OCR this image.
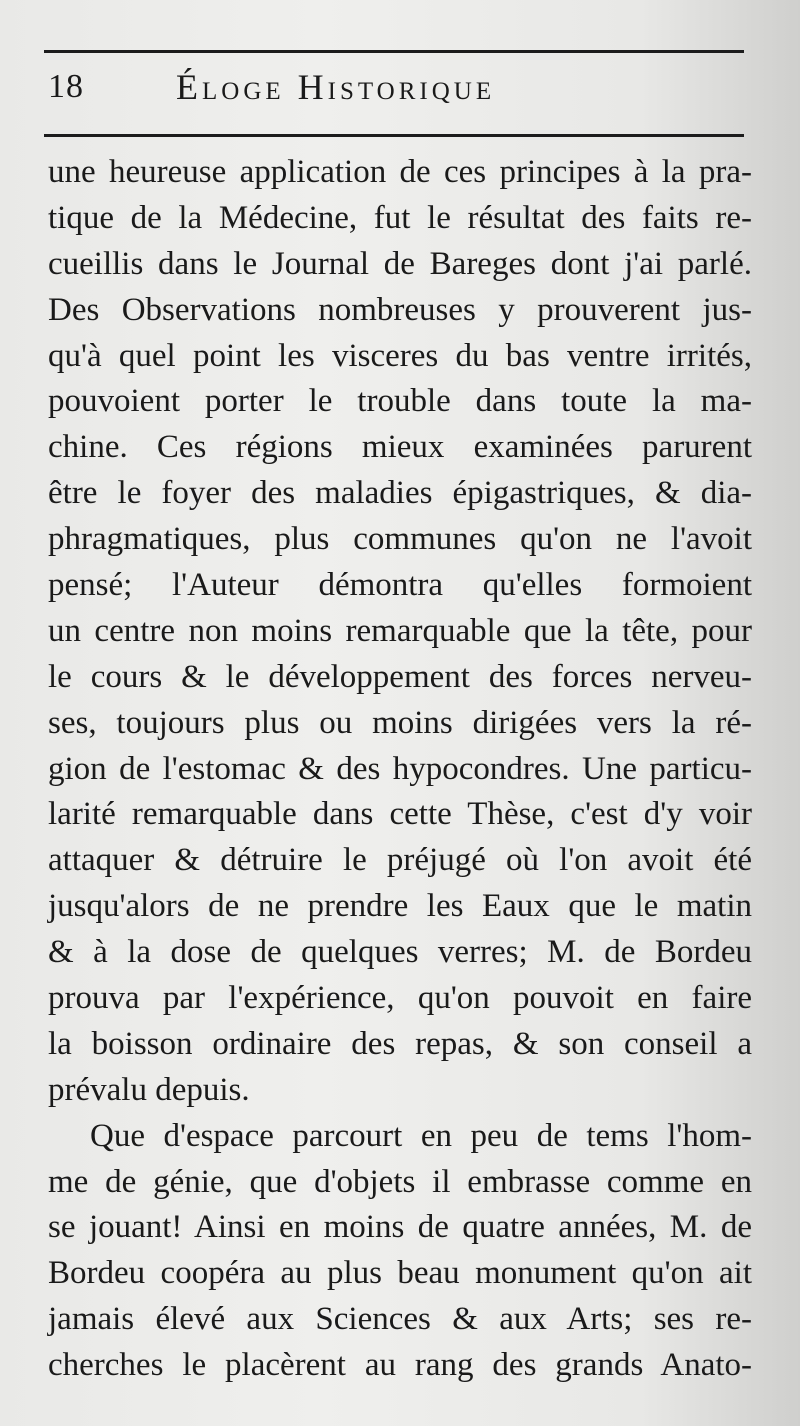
18	Éloge Historique
une heureuse application de ces principes à la pra-
tique de la Médecine, fut le résultat des faits re-
cueillis dans le Journal de Bareges dont j'ai parlé.
Des Observations nombreuses y prouverent jus-
qu'à quel point les visceres du bas ventre irrités,
pouvoient porter le trouble dans toute la ma-
chine. Ces régions mieux examinées parurent
être le foyer des maladies épigastriques, & dia-
phragmatiques, plus communes qu'on ne l'avoit
pensé; l'Auteur démontra qu'elles formoient
un centre non moins remarquable que la tête, pour
le cours & le développement des forces nerveu-
ses, toujours plus ou moins dirigées vers la ré-
gion de l'estomac & des hypocondres. Une particu-
larité remarquable dans cette Thèse, c'est d'y voir
attaquer & détruire le préjugé où l'on avoit été
jusqu'alors de ne prendre les Eaux que le matin
& à la dose de quelques verres; M. de Bordeu
prouva par l'expérience, qu'on pouvoit en faire
la boisson ordinaire des repas, & son conseil a
prévalu depuis.
Que d'espace parcourt en peu de tems l'hom-
me de génie, que d'objets il embrasse comme en
se jouant! Ainsi en moins de quatre années, M. de
Bordeu coopéra au plus beau monument qu'on ait
jamais élevé aux Sciences & aux Arts; ses re-
cherches le placèrent au rang des grands Anato-
